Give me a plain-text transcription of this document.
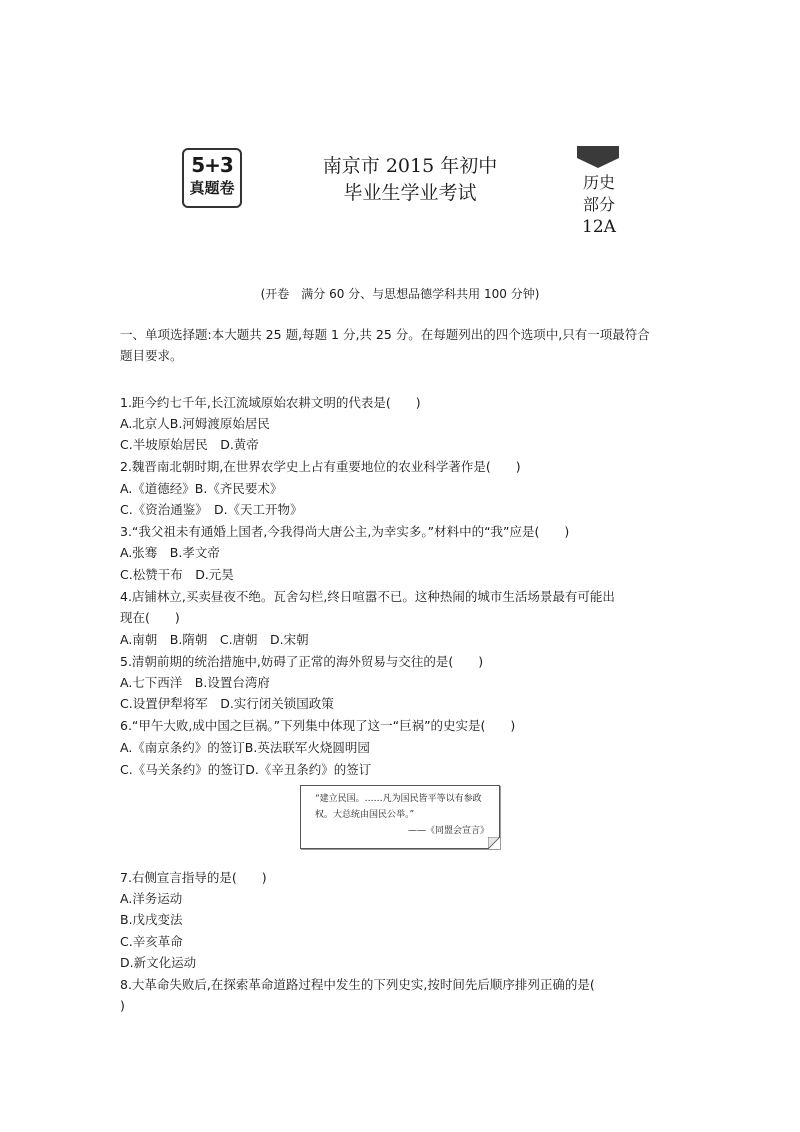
5+3
真题卷
南京市 2015 年初中
毕业生学业考试	历史
部分
12A
(开卷　满分 60 分、与思想品德学科共用 100 分钟)
一、单项选择题:本大题共 25 题,每题 1 分,共 25 分。在每题列出的四个选项中,只有一项最符合
题目要求。
1.距今约七千年,长江流域原始农耕文明的代表是(　　)
A.北京人B.河姆渡原始居民
C.半坡原始居民　D.黄帝
2.魏晋南北朝时期,在世界农学史上占有重要地位的农业科学著作是(　　)
A.《道德经》B.《齐民要术》
C.《资治通鉴》　D.《天工开物》
3.“我父祖未有通婚上国者,今我得尚大唐公主,为幸实多。”材料中的“我”应是(　　)
A.张骞　B.孝文帝
C.松赞干布　D.元昊
4.店铺林立,买卖昼夜不绝。瓦舍勾栏,终日喧嚣不已。这种热闹的城市生活场景最有可能出
现在(　　)
A.南朝　B.隋朝　C.唐朝　D.宋朝
5.清朝前期的统治措施中,妨碍了正常的海外贸易与交往的是(　　)
A.七下西洋　B.设置台湾府
C.设置伊犁将军　D.实行闭关锁国政策
6.“甲午大败,成中国之巨祸。”下列集中体现了这一“巨祸”的史实是(　　)
A.《南京条约》的签订B.英法联军火烧圆明园
C.《马关条约》的签订D.《辛丑条约》的签订
“建立民国。……凡为国民皆平等以有参政
权。大总统由国民公举。”
——《同盟会宣言》
7.右侧宣言指导的是(　　)
A.洋务运动
B.戊戌变法
C.辛亥革命
D.新文化运动
8.大革命失败后,在探索革命道路过程中发生的下列史实,按时间先后顺序排列正确的是(
)
